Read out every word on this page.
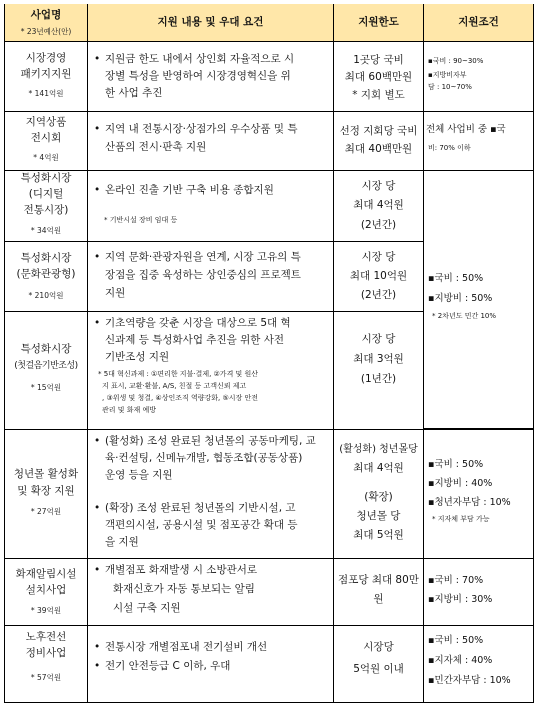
사업명
* 23년예산(안)
지원 내용 및 우대 요건	지원한도	지원조건
시장경영
패키지지원
* 141억원
• 지원금 한도 내에서 상인회 자율적으로 시
장별 특성을 반영하여 시장경영혁신을 위
한 사업 추진
1곳당 국비
최대 60백만원
* 지회 별도
▪국비 : 90~30%
▪지방비자부
담 : 10~70%
지역상품
전시회
* 4억원
• 지역 내 전통시장·상점가의 우수상품 및 특
산품의 전시·판촉 지원
선정 지회당 국비
최대 40백만원
전체 사업비 중 ▪국
비: 70% 이하
특성화시장
(디지털
전통시장)
* 34억원
• 온라인 진출 기반 구축 비용 종합지원
* 기반시설 장비 임대 등
시장 당
최대 4억원
(2년간)
특성화시장
(문화관광형)
* 210억원
• 지역 문화·관광자원을 연계, 시장 고유의 특
장점을 집중 육성하는 상인중심의 프로젝트
지원
시장 당
최대 10억원
(2년간)
특성화시장
(첫걸음기반조성)
* 15억원
• 기초역량을 갖춘 시장을 대상으로 5대 혁
신과제 등 특성화사업 추진을 위한 사전
기반조성 지원
* 5대 혁신과제 : ①편리한 지불·결제, ②가격 및 원산
지 표시, 교환·환불, A/S, 친절 등 고객신뢰 제고
, ③위생 및 청결, ④상인조직 역량강화, ⑤시장 안전
관리 및 화재 예방
시장 당
최대 3억원
(1년간)
▪국비 : 50%
▪지방비 : 50%
* 2차년도 민간 10%
청년몰 활성화
및 확장 지원
* 27억원
• (활성화) 조성 완료된 청년몰의 공동마케팅, 교
육·컨설팅, 신메뉴개발, 협동조합(공동상품)
운영 등을 지원
• (확장) 조성 완료된 청년몰의 기반시설, 고
객편의시설, 공용시설 및 점포공간 확대 등
을 지원
(활성화) 청년몰당
최대 4억원
(확장)
청년몰 당
최대 5억원
▪국비 : 50%
▪지방비 : 40%
▪청년자부담 : 10%
* 지자체 부담 가능
화재알림시설
설치사업
* 39억원
• 개별점포 화재발생 시 소방관서로
화재신호가 자동 통보되는 알림
시설 구축 지원
점포당 최대 80만
원
▪국비 : 70%
▪지방비 : 30%
노후전선
정비사업
* 57억원
• 전통시장 개별점포내 전기설비 개선
• 전기 안전등급 C 이하, 우대
시장당
5억원 이내
▪국비 : 50%
▪지자체 : 40%
▪민간자부담 : 10%
